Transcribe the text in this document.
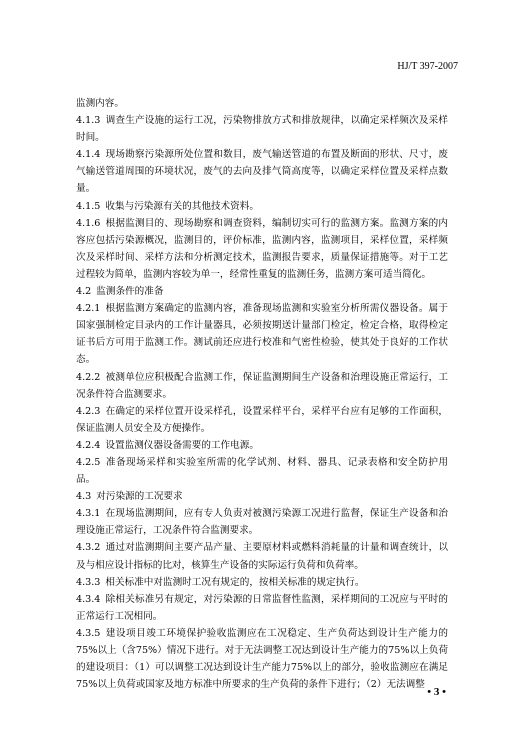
HJ/T 397-2007

监测内容。

4.1.3 调查生产设施的运行工况，污染物排放方式和排放规律，以确定采样频次及采样时间。

4.1.4 现场勘察污染源所处位置和数目，废气输送管道的布置及断面的形状、尺寸，废气输送管道周围的环境状况，废气的去向及排气筒高度等，以确定采样位置及采样点数量。

4.1.5 收集与污染源有关的其他技术资料。

4.1.6 根据监测目的、现场勘察和调查资料，编制切实可行的监测方案。监测方案的内容应包括污染源概况，监测目的，评价标准，监测内容，监测项目，采样位置，采样频次及采样时间、采样方法和分析测定技术，监测报告要求，质量保证措施等。对于工艺过程较为简单，监测内容较为单一，经常性重复的监测任务，监测方案可适当简化。

4.2 监测条件的准备

4.2.1 根据监测方案确定的监测内容，准备现场监测和实验室分析所需仪器设备。属于国家强制检定目录内的工作计量器具，必须按期送计量部门检定，检定合格，取得检定证书后方可用于监测工作。测试前还应进行校准和气密性检验，使其处于良好的工作状态。

4.2.2 被测单位应积极配合监测工作，保证监测期间生产设备和治理设施正常运行，工况条件符合监测要求。

4.2.3 在确定的采样位置开设采样孔，设置采样平台，采样平台应有足够的工作面积，保证监测人员安全及方便操作。

4.2.4 设置监测仪器设备需要的工作电源。

4.2.5 准备现场采样和实验室所需的化学试剂、材料、器具、记录表格和安全防护用品。

4.3 对污染源的工况要求

4.3.1 在现场监测期间，应有专人负责对被测污染源工况进行监督，保证生产设备和治理设施正常运行，工况条件符合监测要求。

4.3.2 通过对监测期间主要产品产量、主要原材料或燃料消耗量的计量和调查统计，以及与相应设计指标的比对，核算生产设备的实际运行负荷和负荷率。

4.3.3 相关标准中对监测时工况有规定的，按相关标准的规定执行。

4.3.4 除相关标准另有规定，对污染源的日常监督性监测，采样期间的工况应与平时的正常运行工况相同。

4.3.5 建设项目竣工环境保护验收监测应在工况稳定、生产负荷达到设计生产能力的75%以上（含75%）情况下进行。对于无法调整工况达到设计生产能力的75%以上负荷的建设项目：（1）可以调整工况达到设计生产能力75%以上的部分，验收监测应在满足75%以上负荷或国家及地方标准中所要求的生产负荷的条件下进行；（2）无法调整

• 3 •
